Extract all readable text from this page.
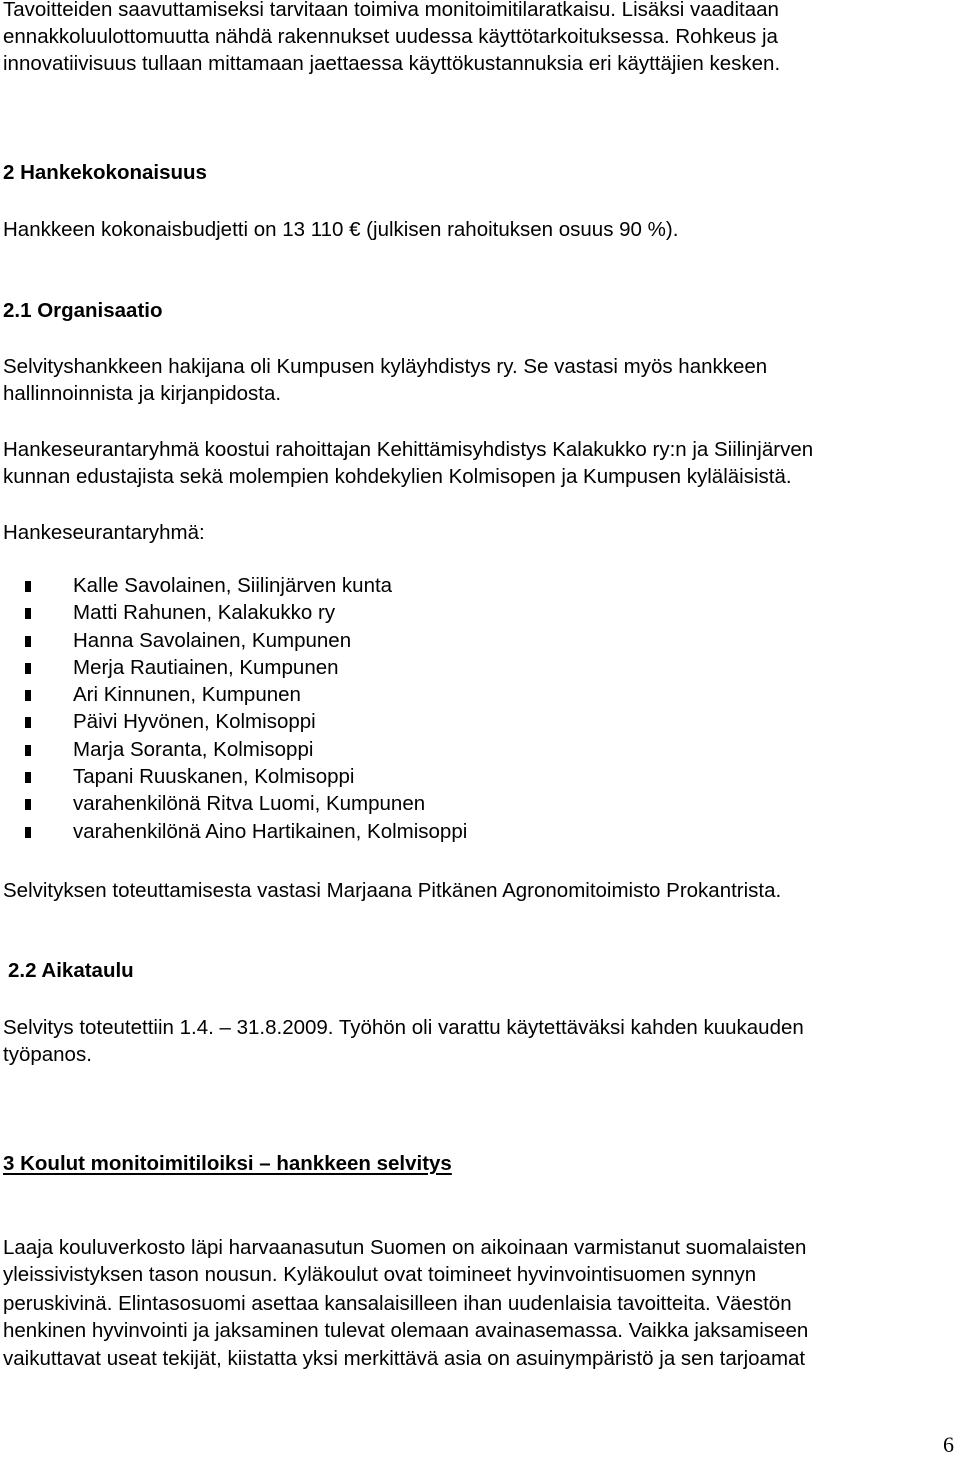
Tavoitteiden saavuttamiseksi tarvitaan toimiva monitoimitilaratkaisu. Lisäksi vaaditaan

ennakkoluulottomuutta nähdä rakennukset uudessa käyttötarkoituksessa. Rohkeus ja

innovatiivisuus tullaan mittamaan jaettaessa käyttökustannuksia eri käyttäjien kesken.

2 Hankekokonaisuus

Hankkeen kokonaisbudjetti on 13 110 € (julkisen rahoituksen osuus 90 %).

2.1 Organisaatio

Selvityshankkeen hakijana oli Kumpusen kyläyhdistys ry. Se vastasi myös hankkeen

hallinnoinnista ja kirjanpidosta.

Hankeseurantaryhmä koostui rahoittajan Kehittämisyhdistys Kalakukko ry:n ja Siilinjärven

kunnan edustajista sekä molempien kohdekylien Kolmisopen ja Kumpusen kyläläisistä.

Hankeseurantaryhmä:

Kalle Savolainen, Siilinjärven kunta
Matti Rahunen, Kalakukko ry
Hanna Savolainen, Kumpunen
Merja Rautiainen, Kumpunen
Ari Kinnunen, Kumpunen
Päivi Hyvönen, Kolmisoppi
Marja Soranta, Kolmisoppi
Tapani Ruuskanen, Kolmisoppi
varahenkilönä Ritva Luomi, Kumpunen
varahenkilönä Aino Hartikainen, Kolmisoppi

Selvityksen toteuttamisesta vastasi Marjaana Pitkänen Agronomitoimisto Prokantrista.

2.2 Aikataulu

Selvitys toteutettiin 1.4. – 31.8.2009. Työhön oli varattu käytettäväksi kahden kuukauden

työpanos.

3 Koulut monitoimitiloiksi – hankkeen selvitys

Laaja kouluverkosto läpi harvaanasutun Suomen on aikoinaan varmistanut suomalaisten

yleissivistyksen tason nousun. Kyläkoulut ovat toimineet hyvinvointisuomen synnyn

peruskivinä. Elintasosuomi asettaa kansalaisilleen ihan uudenlaisia tavoitteita. Väestön

henkinen hyvinvointi ja jaksaminen tulevat olemaan avainasemassa. Vaikka jaksamiseen

vaikuttavat useat tekijät, kiistatta yksi merkittävä asia on asuinympäristö ja sen tarjoamat

6
